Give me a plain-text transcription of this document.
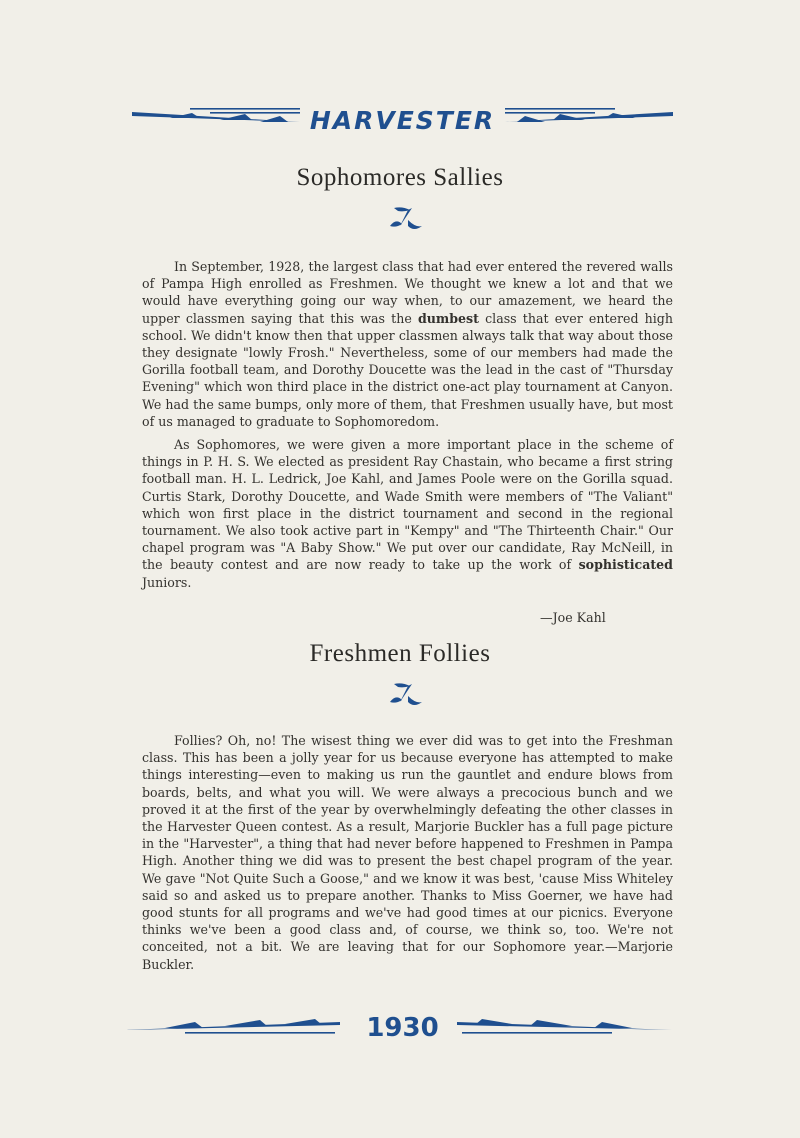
HARVESTER
Sophomores Sallies

In September, 1928, the largest class that had ever entered the revered walls of Pampa High enrolled as Freshmen. We thought we knew a lot and that we would have everything going our way when, to our amazement, we heard the upper classmen saying that this was the dumbest class that ever entered high school. We didn't know then that upper classmen always talk that way about those they designate "lowly Frosh." Nevertheless, some of our members had made the Gorilla football team, and Dorothy Doucette was the lead in the cast of "Thursday Evening" which won third place in the district one-act play tournament at Canyon. We had the same bumps, only more of them, that Freshmen usually have, but most of us managed to graduate to Sophomoredom.

As Sophomores, we were given a more important place in the scheme of things in P. H. S. We elected as president Ray Chastain, who became a first string football man. H. L. Ledrick, Joe Kahl, and James Poole were on the Gorilla squad. Curtis Stark, Dorothy Doucette, and Wade Smith were members of "The Valiant" which won first place in the district tournament and second in the regional tournament. We also took active part in "Kempy" and "The Thirteenth Chair." Our chapel program was "A Baby Show." We put over our candidate, Ray McNeill, in the beauty contest and are now ready to take up the work of sophisticated Juniors.

—Joe Kahl
Freshmen Follies

Follies? Oh, no! The wisest thing we ever did was to get into the Freshman class. This has been a jolly year for us because everyone has attempted to make things interesting—even to making us run the gauntlet and endure blows from boards, belts, and what you will. We were always a precocious bunch and we proved it at the first of the year by overwhelmingly defeating the other classes in the Harvester Queen contest. As a result, Marjorie Buckler has a full page picture in the "Harvester", a thing that had never before happened to Freshmen in Pampa High. Another thing we did was to present the best chapel program of the year. We gave "Not Quite Such a Goose," and we know it was best, 'cause Miss Whiteley said so and asked us to prepare another. Thanks to Miss Goerner, we have had good stunts for all programs and we've had good times at our picnics. Everyone thinks we've been a good class and, of course, we think so, too. We're not conceited, not a bit. We are leaving that for our Sophomore year.—Marjorie Buckler.

1930
